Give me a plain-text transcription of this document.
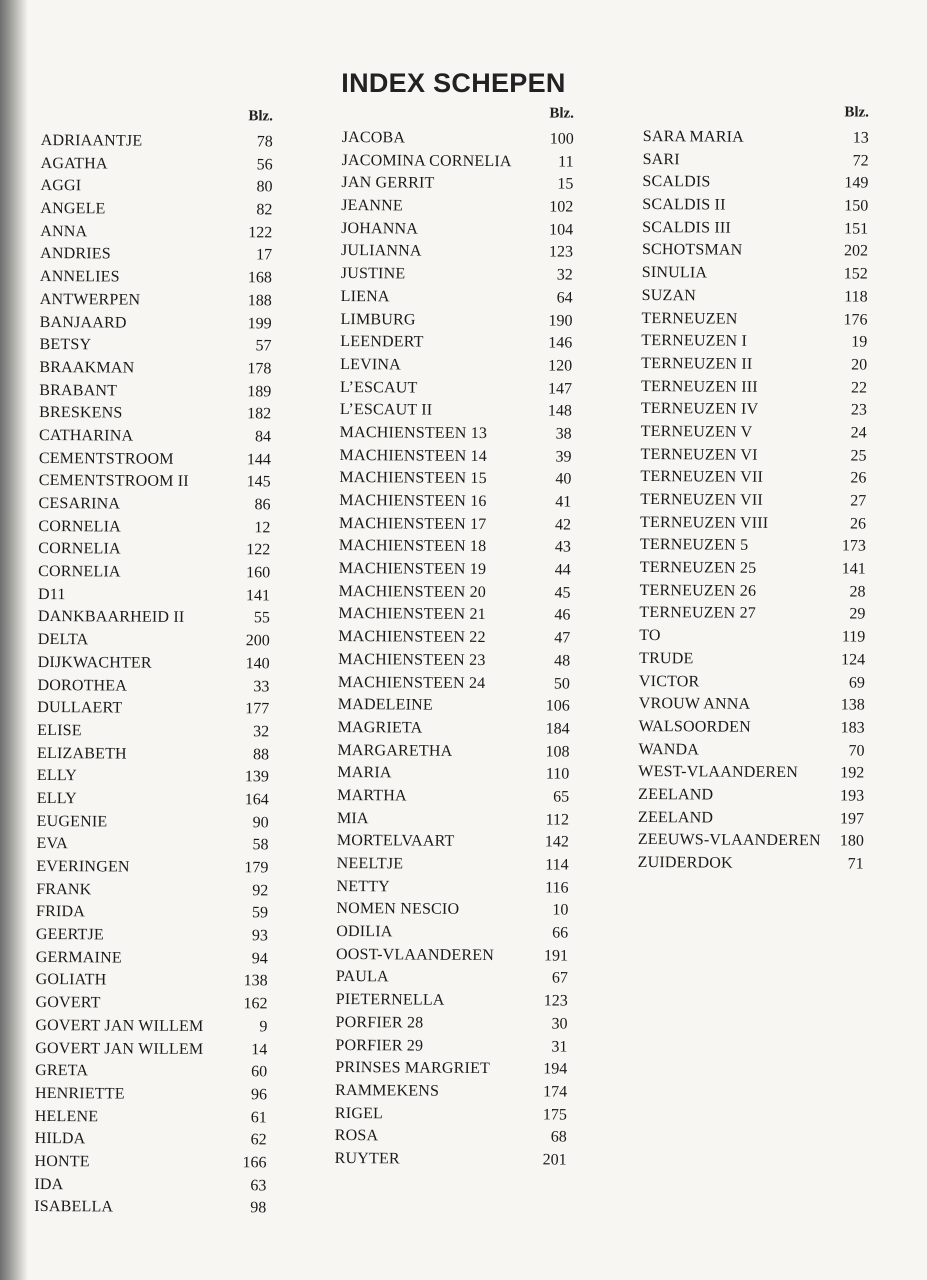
INDEX SCHEPEN
Blz.
ADRIAANTJE	78
AGATHA	56
AGGI	80
ANGELE	82
ANNA	122
ANDRIES	17
ANNELIES	168
ANTWERPEN	188
BANJAARD	199
BETSY	57
BRAAKMAN	178
BRABANT	189
BRESKENS	182
CATHARINA	84
CEMENTSTROOM	144
CEMENTSTROOM II	145
CESARINA	86
CORNELIA	12
CORNELIA	122
CORNELIA	160
D11	141
DANKBAARHEID II	55
DELTA	200
DIJKWACHTER	140
DOROTHEA	33
DULLAERT	177
ELISE	32
ELIZABETH	88
ELLY	139
ELLY	164
EUGENIE	90
EVA	58
EVERINGEN	179
FRANK	92
FRIDA	59
GEERTJE	93
GERMAINE	94
GOLIATH	138
GOVERT	162
GOVERT JAN WILLEM	9
GOVERT JAN WILLEM	14
GRETA	60
HENRIETTE	96
HELENE	61
HILDA	62
HONTE	166
IDA	63
ISABELLA	98
Blz.
JACOBA	100
JACOMINA CORNELIA	11
JAN GERRIT	15
JEANNE	102
JOHANNA	104
JULIANNA	123
JUSTINE	32
LIENA	64
LIMBURG	190
LEENDERT	146
LEVINA	120
L’ESCAUT	147
L’ESCAUT II	148
MACHIENSTEEN 13	38
MACHIENSTEEN 14	39
MACHIENSTEEN 15	40
MACHIENSTEEN 16	41
MACHIENSTEEN 17	42
MACHIENSTEEN 18	43
MACHIENSTEEN 19	44
MACHIENSTEEN 20	45
MACHIENSTEEN 21	46
MACHIENSTEEN 22	47
MACHIENSTEEN 23	48
MACHIENSTEEN 24	50
MADELEINE	106
MAGRIETA	184
MARGARETHA	108
MARIA	110
MARTHA	65
MIA	112
MORTELVAART	142
NEELTJE	114
NETTY	116
NOMEN NESCIO	10
ODILIA	66
OOST-VLAANDEREN	191
PAULA	67
PIETERNELLA	123
PORFIER 28	30
PORFIER 29	31
PRINSES MARGRIET	194
RAMMEKENS	174
RIGEL	175
ROSA	68
RUYTER	201
Blz.
SARA MARIA	13
SARI	72
SCALDIS	149
SCALDIS II	150
SCALDIS III	151
SCHOTSMAN	202
SINULIA	152
SUZAN	118
TERNEUZEN	176
TERNEUZEN I	19
TERNEUZEN II	20
TERNEUZEN III	22
TERNEUZEN IV	23
TERNEUZEN V	24
TERNEUZEN VI	25
TERNEUZEN VII	26
TERNEUZEN VII	27
TERNEUZEN VIII	26
TERNEUZEN 5	173
TERNEUZEN 25	141
TERNEUZEN 26	28
TERNEUZEN 27	29
TO	119
TRUDE	124
VICTOR	69
VROUW ANNA	138
WALSOORDEN	183
WANDA	70
WEST-VLAANDEREN	192
ZEELAND	193
ZEELAND	197
ZEEUWS-VLAANDEREN 180
ZUIDERDOK	71
